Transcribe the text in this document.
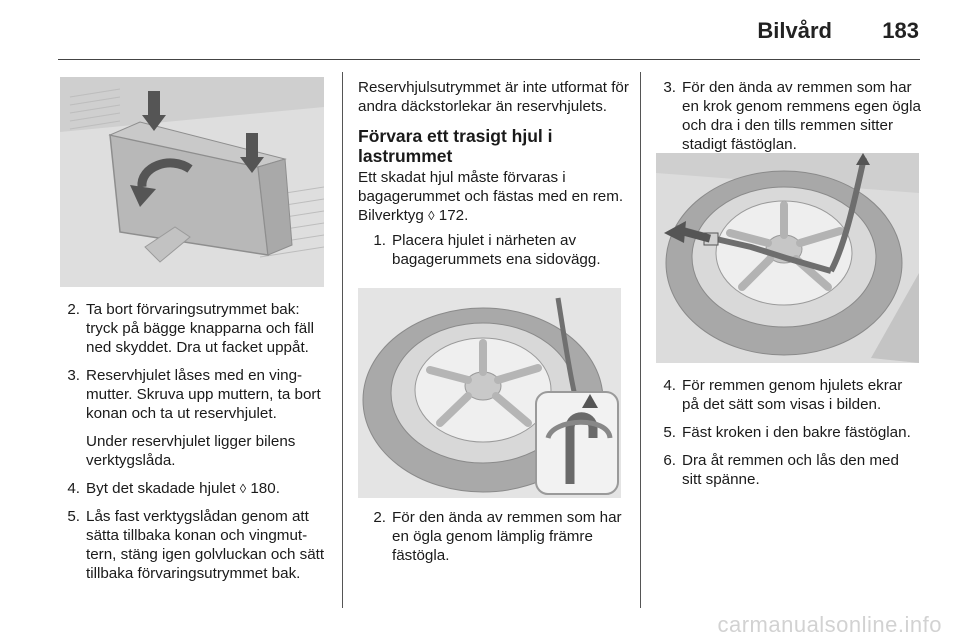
Bilvård 183
2. Ta bort förvaringsutrymmet bak: tryck på bägge knapparna och fäll ned skyddet. Dra ut facket uppåt.

3. Reservhjulet låses med en vingmutter. Skruva upp muttern, ta bort konan och ta ut reservhjulet.

Under reservhjulet ligger bilens verktygslåda.

4. Byt det skadade hjulet ◊ 180.

5. Lås fast verktygslådan genom att sätta tillbaka konan och vingmuttern, stäng igen golvluckan och sätt tillbaka förvaringsutrymmet bak.

Reservhjulsutrymmet är inte utformat för andra däckstorlekar än reservhjulets.

Förvara ett trasigt hjul i lastrummet

Ett skadat hjul måste förvaras i bagagerummet och fästas med en rem. Bilverktyg ◊ 172.

1. Placera hjulet i närheten av bagagerummets ena sidovägg.

2. För den ända av remmen som har en ögla genom lämplig främre fästögla.

3. För den ända av remmen som har en krok genom remmens egen ögla och dra i den tills remmen sitter stadigt fästöglan.

4. För remmen genom hjulets ekrar på det sätt som visas i bilden.

5. Fäst kroken i den bakre fästöglan.

6. Dra åt remmen och lås den med sitt spänne.

carmanualsonline.info
